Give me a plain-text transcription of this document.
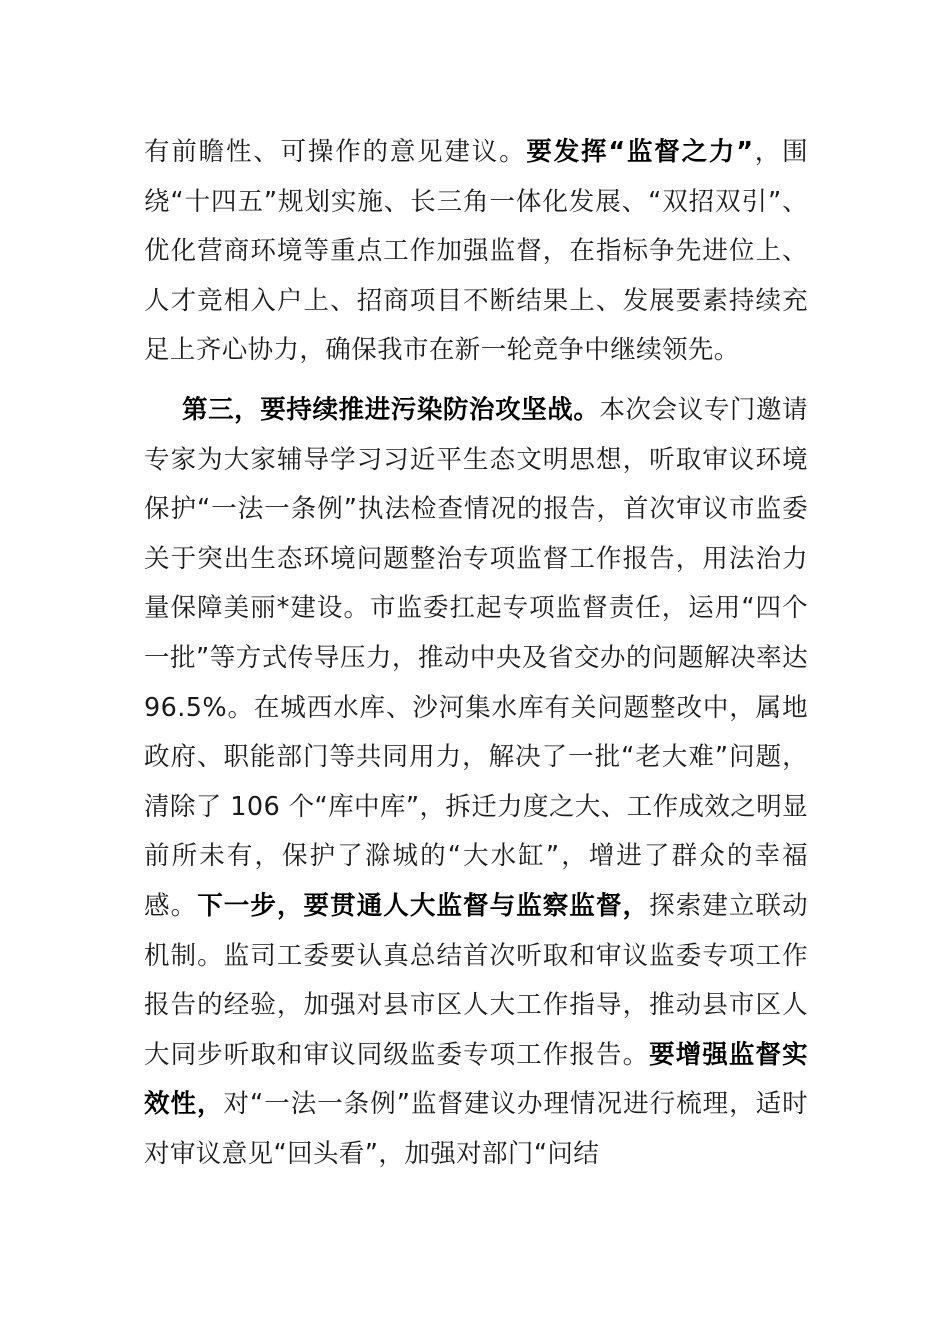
有前瞻性、可操作的意见建议。要发挥“监督之力”，围绕“十四五”规划实施、长三角一体化发展、“双招双引”、优化营商环境等重点工作加强监督，在指标争先进位上、人才竞相入户上、招商项目不断结果上、发展要素持续充足上齐心协力，确保我市在新一轮竞争中继续领先。

第三，要持续推进污染防治攻坚战。本次会议专门邀请专家为大家辅导学习习近平生态文明思想，听取审议环境保护“一法一条例”执法检查情况的报告，首次审议市监委关于突出生态环境问题整治专项监督工作报告，用法治力量保障美丽*建设。市监委扛起专项监督责任，运用“四个一批”等方式传导压力，推动中央及省交办的问题解决率达 96.5%。在城西水库、沙河集水库有关问题整改中，属地政府、职能部门等共同用力，解决了一批“老大难”问题，清除了 106 个“库中库”，拆迁力度之大、工作成效之明显前所未有，保护了滁城的“大水缸”，增进了群众的幸福感。下一步，要贯通人大监督与监察监督，探索建立联动机制。监司工委要认真总结首次听取和审议监委专项工作报告的经验，加强对县市区人大工作指导，推动县市区人大同步听取和审议同级监委专项工作报告。要增强监督实效性，对“一法一条例”监督建议办理情况进行梳理，适时对审议意见“回头看”，加强对部门“问结
